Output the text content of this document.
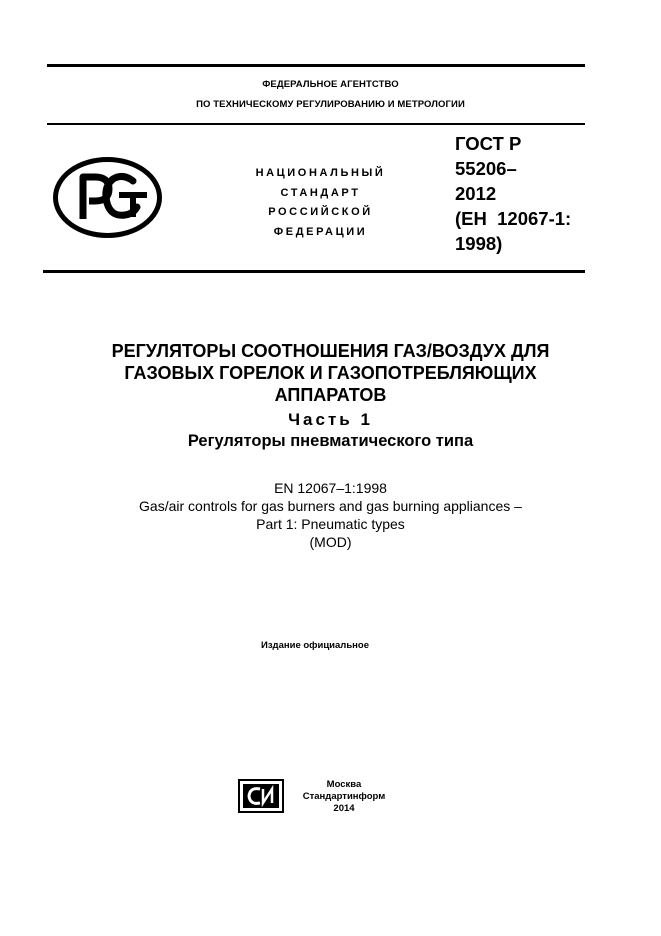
ФЕДЕРАЛЬНОЕ АГЕНТСТВО
ПО ТЕХНИЧЕСКОМУ РЕГУЛИРОВАНИЮ И МЕТРОЛОГИИ
НАЦИОНАЛЬНЫЙ
СТАНДАРТ
РОССИЙСКОЙ
ФЕДЕРАЦИИ
ГОСТ Р
55206–
2012
(ЕН  12067-1:
1998)
РЕГУЛЯТОРЫ СООТНОШЕНИЯ ГАЗ/ВОЗДУХ ДЛЯ
ГАЗОВЫХ ГОРЕЛОК И ГАЗОПОТРЕБЛЯЮЩИХ
АППАРАТОВ
Часть 1
Регуляторы пневматического типа
EN 12067–1:1998
Gas/air controls for gas burners and gas burning appliances –
Part 1: Pneumatic types
(MOD)
Издание официальное
Москва
Стандартинформ
2014
